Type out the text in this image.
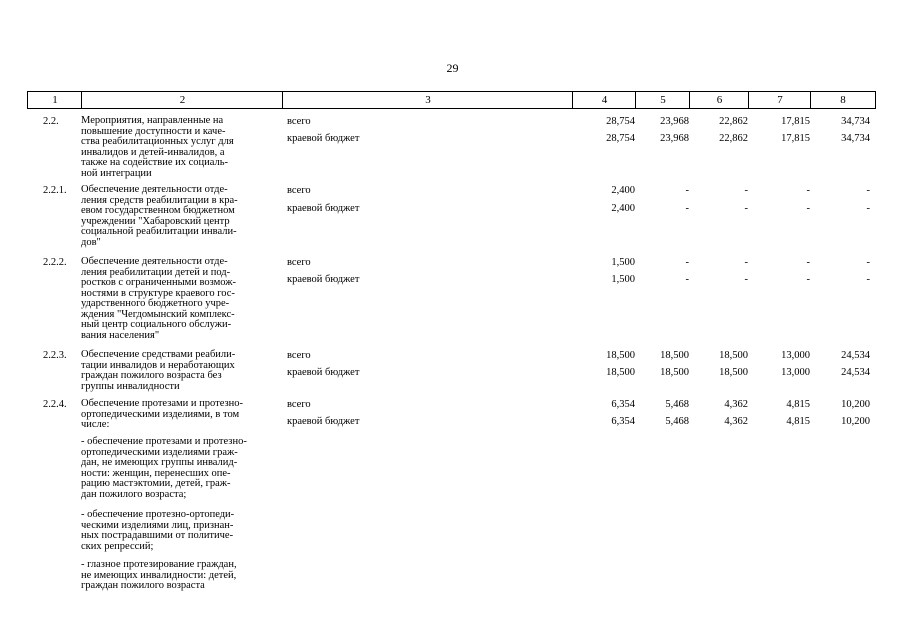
29
1	2	3	4	5	6	7	8
2.2. Мероприятия, направленные на

повышение доступности и каче-

ства реабилитационных услуг для

инвалидов и детей-инвалидов, а

также на содействие их социаль-

ной интеграции

всего	28,754	23,968	22,862	17,815	34,734
краевой бюджет	28,754	23,968	22,862	17,815	34,734
2.2.1. Обеспечение деятельности отде-

ления средств реабилитации в кра-

евом государственном бюджетном

учреждении "Хабаровский центр

социальной реабилитации инвали-

дов"

всего	2,400	-	-	-	-
краевой бюджет	2,400	-	-	-	-
2.2.2. Обеспечение деятельности отде-

ления реабилитации детей и под-

ростков с ограниченными возмож-

ностями в структуре краевого гос-

ударственного бюджетного учре-

ждения "Чегдомынский комплекс-

ный центр социального обслужи-

вания населения"

всего	1,500	-	-	-	-
краевой бюджет	1,500	-	-	-	-
2.2.3. Обеспечение средствами реабили-

тации инвалидов и неработающих

граждан пожилого возраста без

группы инвалидности

всего	18,500	18,500	18,500	13,000	24,534
краевой бюджет	18,500	18,500	18,500	13,000	24,534
2.2.4. Обеспечение протезами и протезно-

ортопедическими изделиями, в том

числе:

всего	6,354	5,468	4,362	4,815	10,200
краевой бюджет	6,354	5,468	4,362	4,815	10,200
- обеспечение протезами и протезно-
ортопедическими изделиями граж-
дан, не имеющих группы инвалид-
ности: женщин, перенесших опе-
рацию мастэктомии, детей, граж-
дан пожилого возраста;
- обеспечение протезно-ортопеди-
ческими изделиями лиц, признан-
ных пострадавшими от политиче-
ских репрессий;
- глазное протезирование граждан,
не имеющих инвалидности: детей,
граждан пожилого возраста
